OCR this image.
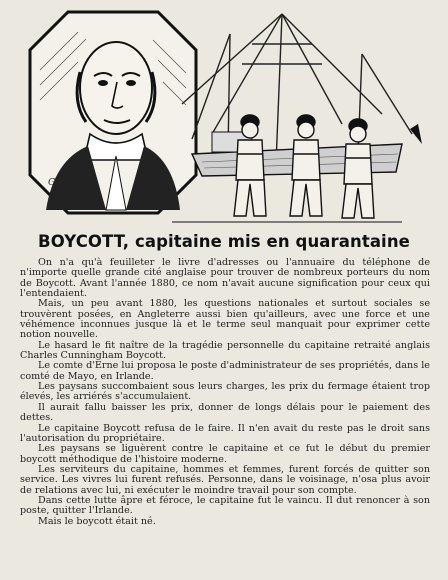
Gr.
BOYCOTT, capitaine mis en quarantaine

On n'a qu'à feuilleter le livre d'adresses ou l'annuaire du téléphone de n'importe quelle grande cité anglaise pour trouver de nombreux porteurs du nom de Boycott. Avant l'année 1880, ce nom n'avait aucune signification pour ceux qui l'entendaient.

Mais, un peu avant 1880, les questions nationales et surtout sociales se trouvèrent posées, en Angleterre aussi bien qu'ailleurs, avec une force et une véhémence inconnues jusque là et le terme seul manquait pour exprimer cette notion nouvelle.

Le hasard le fit naître de la tragédie personnelle du capitaine retraité anglais Charles Cunningham Boycott.

Le comte d'Erne lui proposa le poste d'administrateur de ses propriétés, dans le comté de Mayo, en Irlande.

Les paysans succombaient sous leurs charges, les prix du fermage étaient trop élevés, les arriérés s'accumulaient.

Il aurait fallu baisser les prix, donner de longs délais pour le paiement des dettes.

Le capitaine Boycott refusa de le faire. Il n'en avait du reste pas le droit sans l'autorisation du propriétaire.

Les paysans se liguèrent contre le capitaine et ce fut le début du premier boycott méthodique de l'histoire moderne.

Les serviteurs du capitaine, hommes et femmes, furent forcés de quitter son service. Les vivres lui furent refusés. Personne, dans le voisinage, n'osa plus avoir de relations avec lui, ni exécuter le moindre travail pour son compte.

Dans cette lutte âpre et féroce, le capitaine fut le vaincu. Il dut renoncer à son poste, quitter l'Irlande.

Mais le boycott était né.
